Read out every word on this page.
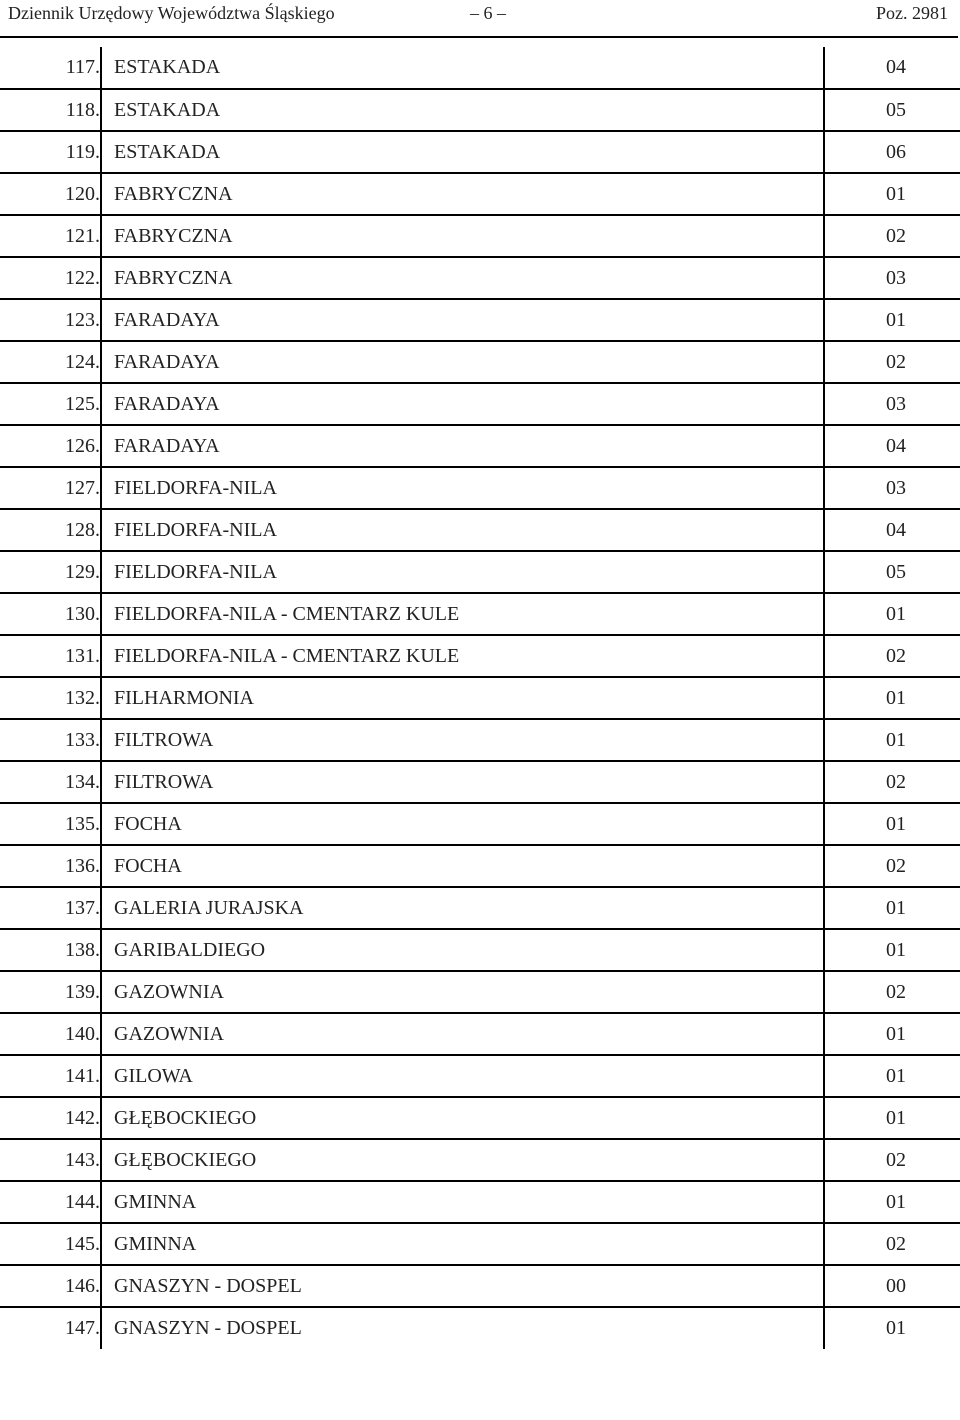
Dziennik Urzędowy Województwa Śląskiego	– 6 –	Poz. 2981
117.	ESTAKADA	04
118.	ESTAKADA	05
119.	ESTAKADA	06
120.	FABRYCZNA	01
121.	FABRYCZNA	02
122.	FABRYCZNA	03
123.	FARADAYA	01
124.	FARADAYA	02
125.	FARADAYA	03
126.	FARADAYA	04
127.	FIELDORFA-NILA	03
128.	FIELDORFA-NILA	04
129.	FIELDORFA-NILA	05
130.	FIELDORFA-NILA - CMENTARZ KULE	01
131.	FIELDORFA-NILA - CMENTARZ KULE	02
132.	FILHARMONIA	01
133.	FILTROWA	01
134.	FILTROWA	02
135.	FOCHA	01
136.	FOCHA	02
137.	GALERIA JURAJSKA	01
138.	GARIBALDIEGO	01
139.	GAZOWNIA	02
140.	GAZOWNIA	01
141.	GILOWA	01
142.	GŁĘBOCKIEGO	01
143.	GŁĘBOCKIEGO	02
144.	GMINNA	01
145.	GMINNA	02
146.	GNASZYN - DOSPEL	00
147.	GNASZYN - DOSPEL	01
